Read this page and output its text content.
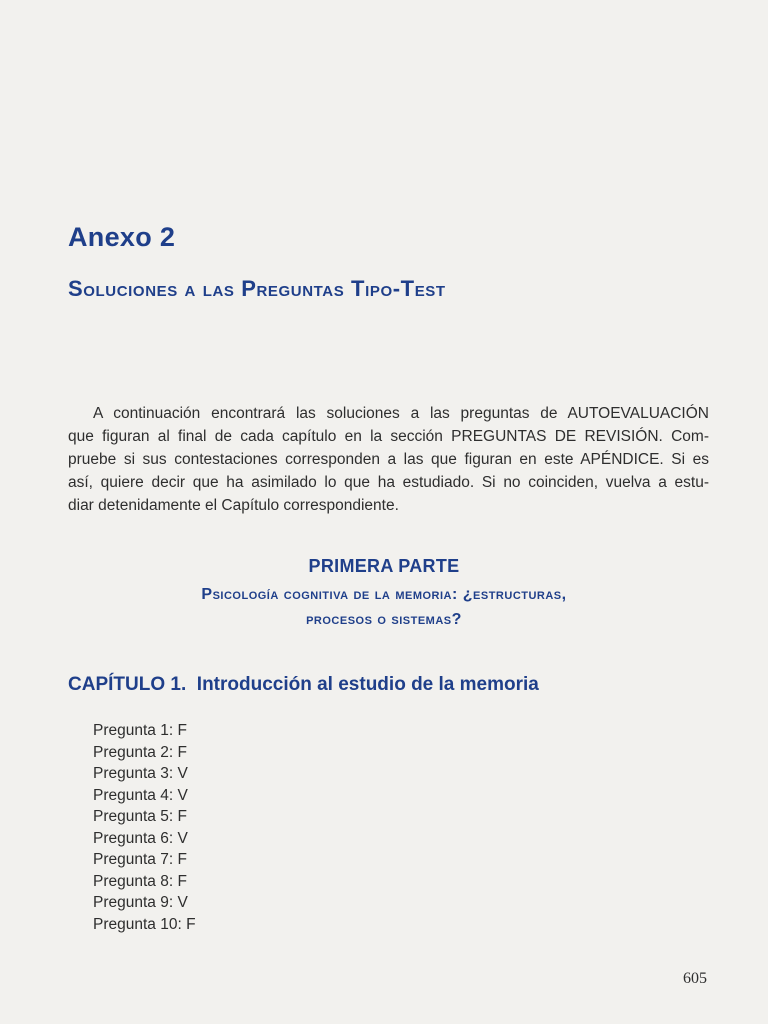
Anexo 2
Soluciones a las Preguntas Tipo-Test
A continuación encontrará las soluciones a las preguntas de AUTOEVALUACIÓN
que figuran al final de cada capítulo en la sección PREGUNTAS DE REVISIÓN. Com-
pruebe si sus contestaciones corresponden a las que figuran en este APÉNDICE. Si es
así, quiere decir que ha asimilado lo que ha estudiado. Si no coinciden, vuelva a estu-
diar detenidamente el Capítulo correspondiente.
PRIMERA PARTE
Psicología cognitiva de la memoria: ¿estructuras,
procesos o sistemas?
CAPÍTULO 1.  Introducción al estudio de la memoria
Pregunta 1: F
Pregunta 2: F
Pregunta 3: V
Pregunta 4: V
Pregunta 5: F
Pregunta 6: V
Pregunta 7: F
Pregunta 8: F
Pregunta 9: V
Pregunta 10: F

605
